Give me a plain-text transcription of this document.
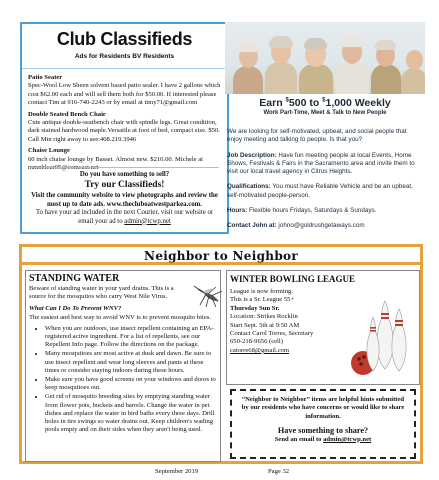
Club Classifieds
Ads for Residents BV Residents
Patio Seater
Spec-Wool Low Sheen solvent based patio sealer. I have 2 gallons which cost $62.00 each and will sell them both for $50.00. If interested please contact Tim at 916-740-2243 or by email at timy71@gmail.com
Double Seated Bench Chair
Cute antique double-seatbench chair with spindle legs. Great condition, dark stained hardwood maple.Versatile at foot of bed, compact size. $50. Call Min right away to see:408.219.3946
Chaise Lounge
60 inch chaise lounge by Basset. Almost new. $210.00. Michele at mmnblcar05@comcast.net
Do you have something to sell?
Try our Classifieds!
Visit the community website to view photographs and review the most up to date ads. www.thecluboatwestparkea.com.
To have your ad included in the next Courier, visit our website or email your ad to admin@tcwp.net
Earn $500 to $1,000 Weekly
Work Part-Time, Meet & Talk to New People

We are looking for self-motivated, upbeat, and social people that enjoy meeting and talking to people. Is that you?

Job Description: Have fun meeting people at local Events, Home Shows, Festivals & Fairs in the Sacramento area and invite them to visit our local travel agency in Citrus Heights.

Qualifications: You must have Reliable Vehicle and be an upbeat, self-motivated people-person.

Hours: Flexible hours Fridays, Saturdays & Sundays.

Contact John at: johno@goldrushgetaways.com

Neighbor to Neighbor
STANDING WATER
Beware of standing water in your yard drains. This is a source for the mosquitos who carry West Nile Virus.
What Can I Do To Prevent WNV?
The easiest and best way to avoid WNV is to prevent mosquito bites.
• When you are outdoors, use insect repellent containing an EPA-registered active ingredient. For a list of repellents, see our Repellent Info page. Follow the directions on the package.
• Many mosquitoes are most active at dusk and dawn. Be sure to use insect repellent and wear long sleeves and pants at these times or consider staying indoors during these hours.
• Make sure you have good screens on your windows and doors to keep mosquitoes out.
• Get rid of mosquito breeding sites by emptying standing water from flower pots, buckets and barrels. Change the water in pet dishes and replace the water in bird baths every three days. Drill holes in tire swings so water drains out. Keep children's wading pools empty and on their sides when they aren't being used.
WINTER BOWLING LEAGUE
League is now forming.
This is a Sr. League 55+
Thursday Sun Sr.
Location: Strikes Rocklin
Start Sept. 5th at 9:50 AM
Contact Carol Torres, Secretary
650-218-9656 (cell)
catorre68@gmail.com
“Neighbor to Neighbor” items are helpful hints submitted by our residents who have concerns or would like to share information.
Have something to share?
Send an email to admin@tcwp.net
September 2019	Page 32
